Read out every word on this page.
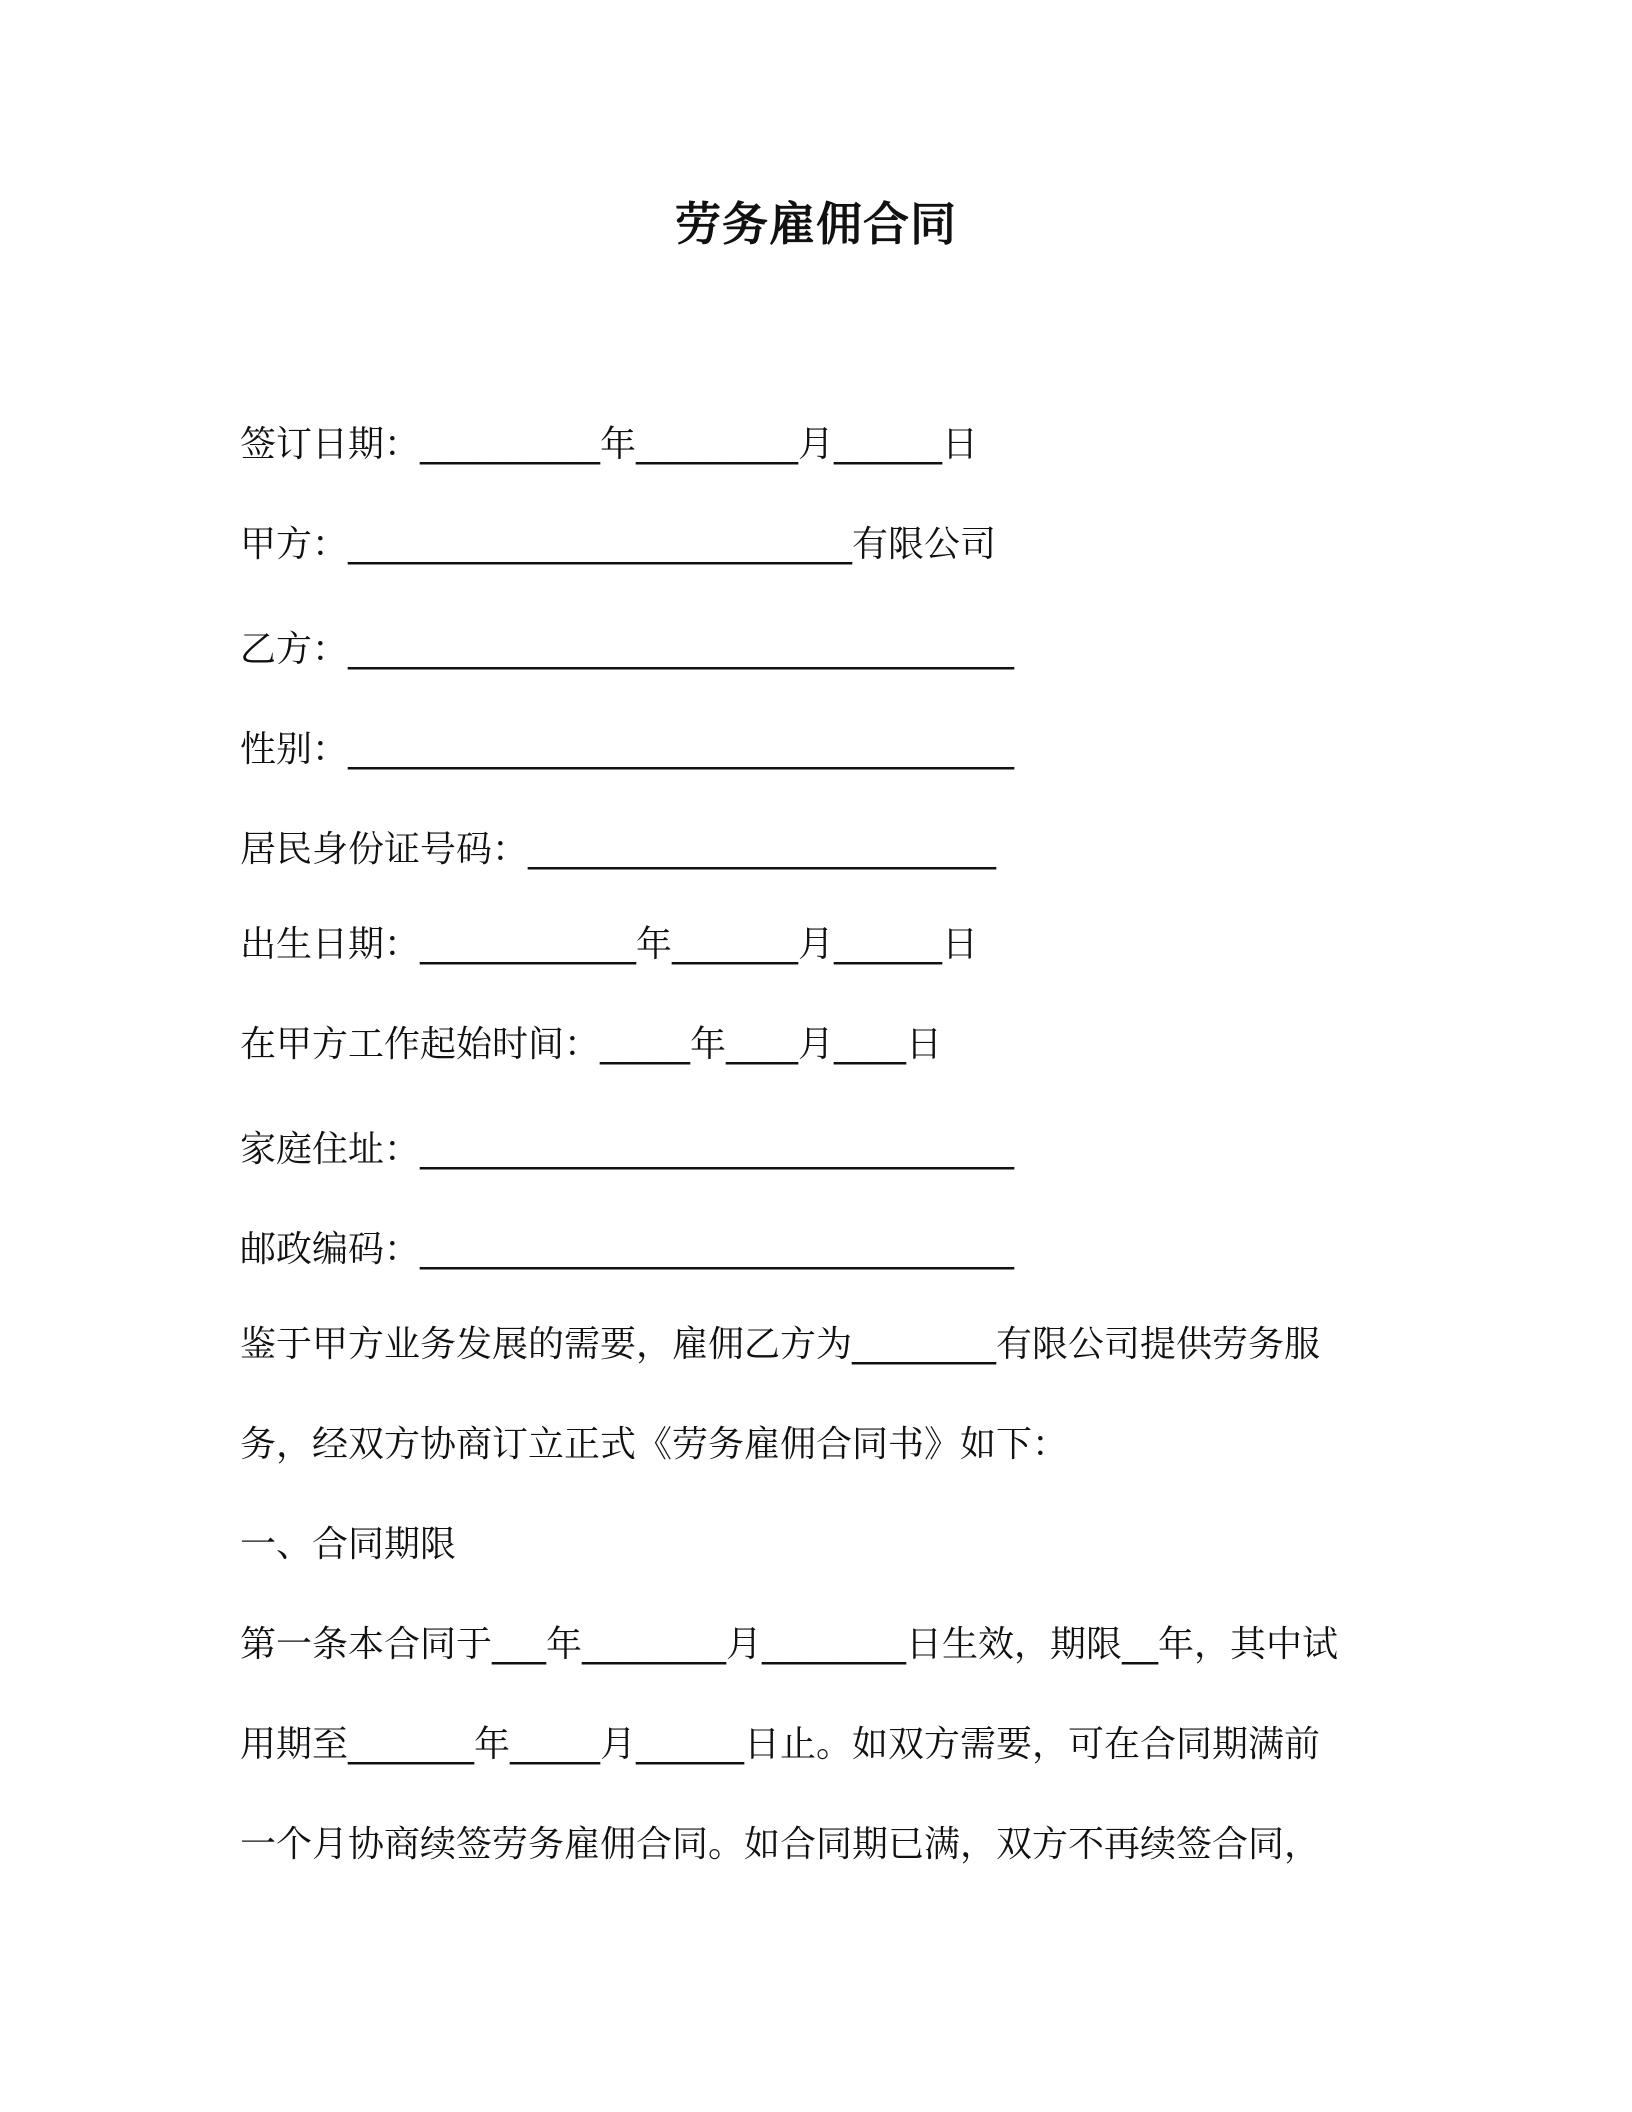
劳务雇佣合同

签订日期：__________年_________月______日

甲方：____________________________有限公司

乙方：_____________________________________

性别：_____________________________________

居民身份证号码：__________________________

出生日期：____________年_______月______日

在甲方工作起始时间：_____年____月____日

家庭住址：_________________________________

邮政编码：_________________________________

鉴于甲方业务发展的需要，雇佣乙方为________有限公司提供劳务服

务，经双方协商订立正式《劳务雇佣合同书》如下：

一、合同期限

第一条本合同于___年________月________日生效，期限__年，其中试

用期至_______年_____月______日止。如双方需要，可在合同期满前

一个月协商续签劳务雇佣合同。如合同期已满，双方不再续签合同，
